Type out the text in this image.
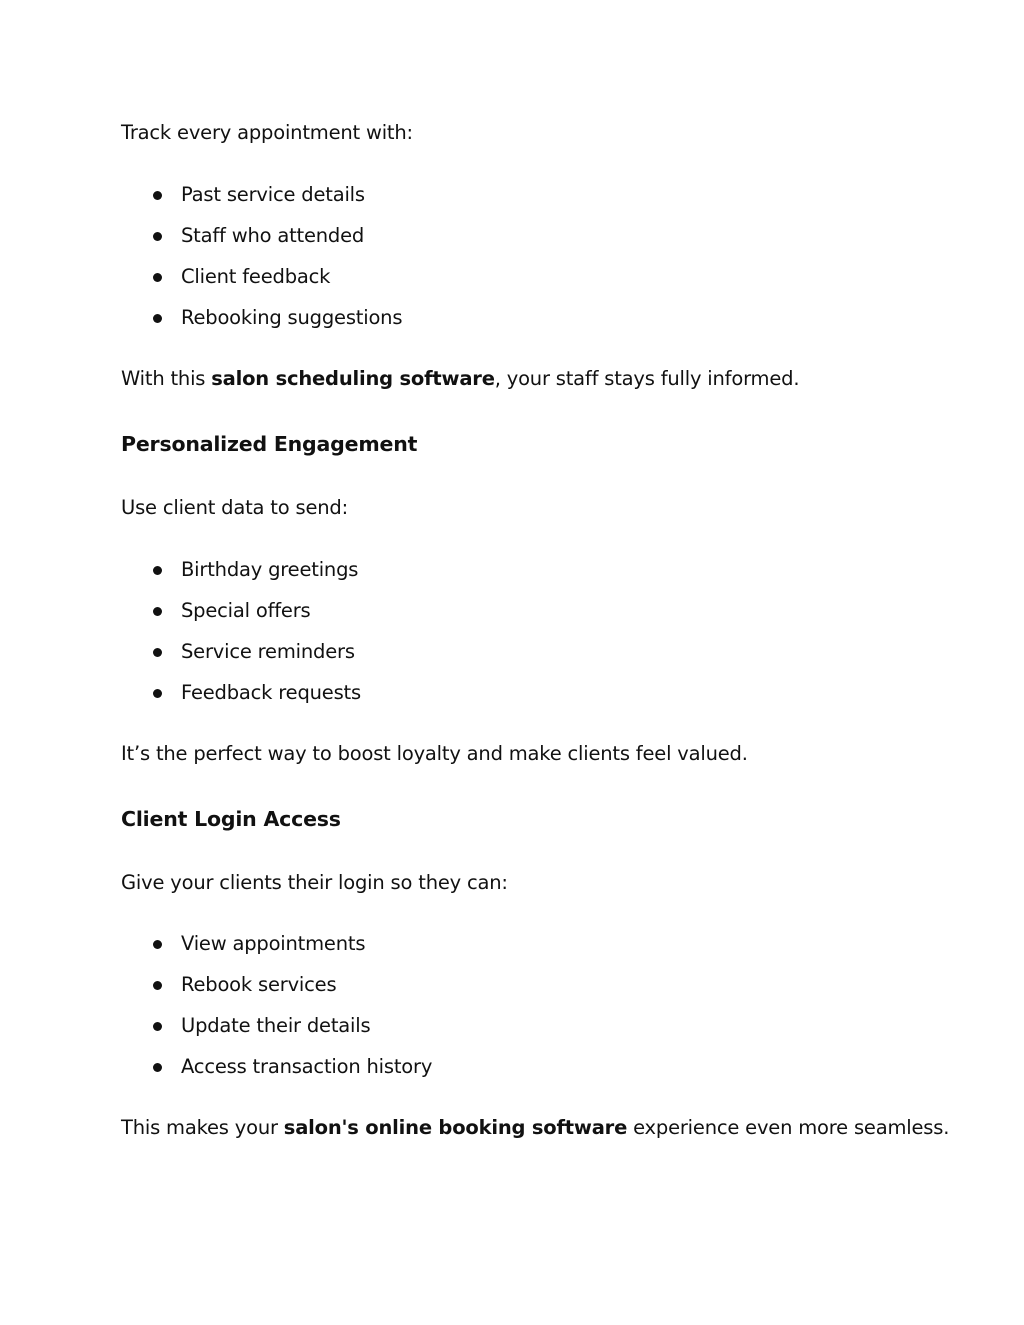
Track every appointment with:
Past service details
Staff who attended
Client feedback
Rebooking suggestions
With this salon scheduling software, your staff stays fully informed.
Personalized Engagement
Use client data to send:
Birthday greetings
Special offers
Service reminders
Feedback requests
It’s the perfect way to boost loyalty and make clients feel valued.
Client Login Access
Give your clients their login so they can:
View appointments
Rebook services
Update their details
Access transaction history
This makes your salon's online booking software experience even more seamless.
